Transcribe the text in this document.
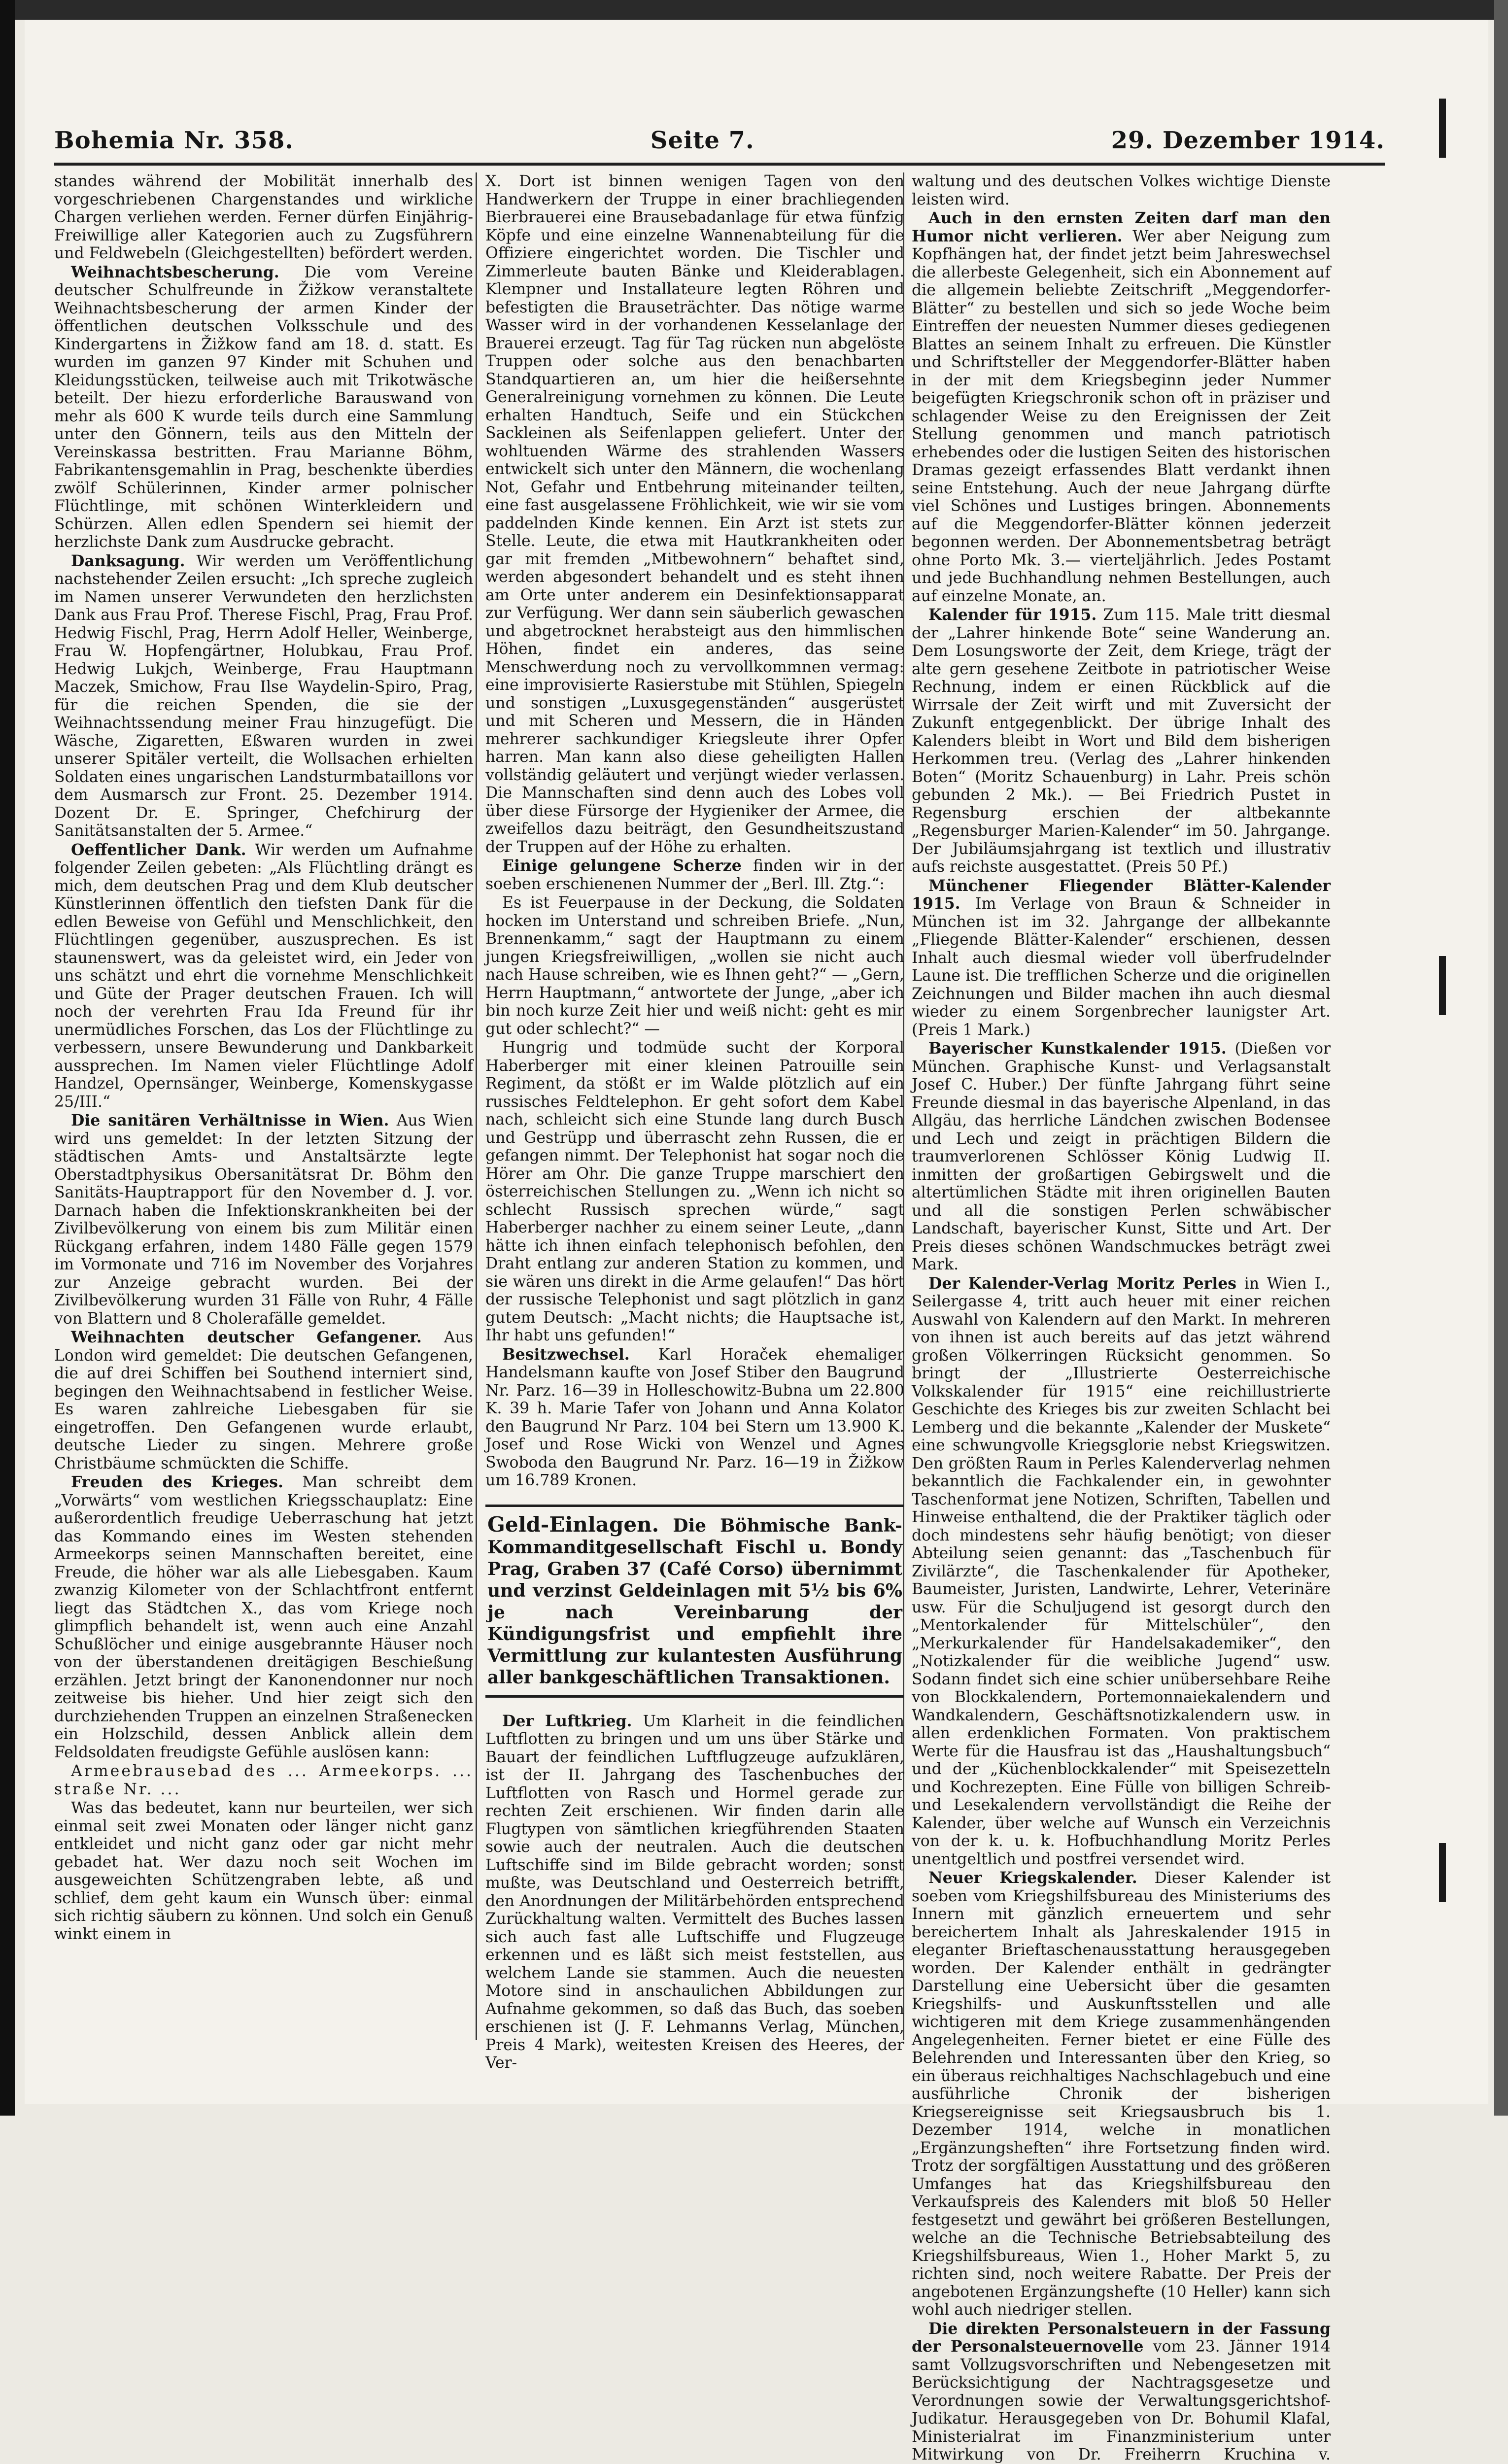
Bohemia Nr. 358.	Seite 7.	29. Dezember 1914.

standes während der Mobilität innerhalb des vorgeschriebenen Chargenstandes und wirkliche Chargen verliehen werden. Ferner dürfen Einjährig-Freiwillige aller Kategorien auch zu Zugsführern und Feldwebeln (Gleichgestellten) befördert werden.

Weihnachtsbescherung. Die vom Vereine deutscher Schulfreunde in Žižkow veranstaltete Weihnachtsbescherung der armen Kinder der öffentlichen deutschen Volksschule und des Kindergartens in Žižkow fand am 18. d. statt. Es wurden im ganzen 97 Kinder mit Schuhen und Kleidungsstücken, teilweise auch mit Trikotwäsche beteilt. Der hiezu erforderliche Barauswand von mehr als 600 K wurde teils durch eine Sammlung unter den Gönnern, teils aus den Mitteln der Vereinskassa bestritten. Frau Marianne Böhm, Fabrikantensgemahlin in Prag, beschenkte überdies zwölf Schülerinnen, Kinder armer polnischer Flüchtlinge, mit schönen Winterkleidern und Schürzen. Allen edlen Spendern sei hiemit der herzlichste Dank zum Ausdrucke gebracht.

Danksagung. Wir werden um Veröffentlichung nachstehender Zeilen ersucht: „Ich spreche zugleich im Namen unserer Verwundeten den herzlichsten Dank aus Frau Prof. Therese Fischl, Prag, Frau Prof. Hedwig Fischl, Prag, Herrn Adolf Heller, Weinberge, Frau W. Hopfengärtner, Holubkau, Frau Prof. Hedwig Lukjch, Weinberge, Frau Hauptmann Maczek, Smichow, Frau Ilse Waydelin-Spiro, Prag, für die reichen Spenden, die sie der Weihnachtssendung meiner Frau hinzugefügt. Die Wäsche, Zigaretten, Eßwaren wurden in zwei unserer Spitäler verteilt, die Wollsachen erhielten Soldaten eines ungarischen Landsturmbataillons vor dem Ausmarsch zur Front. 25. Dezember 1914. Dozent Dr. E. Springer, Chefchirurg der Sanitätsanstalten der 5. Armee.“

Oeffentlicher Dank. Wir werden um Aufnahme folgender Zeilen gebeten: „Als Flüchtling drängt es mich, dem deutschen Prag und dem Klub deutscher Künstlerinnen öffentlich den tiefsten Dank für die edlen Beweise von Gefühl und Menschlichkeit, den Flüchtlingen gegenüber, auszusprechen. Es ist staunenswert, was da geleistet wird, ein Jeder von uns schätzt und ehrt die vornehme Menschlichkeit und Güte der Prager deutschen Frauen. Ich will noch der verehrten Frau Ida Freund für ihr unermüdliches Forschen, das Los der Flüchtlinge zu verbessern, unsere Bewunderung und Dankbarkeit aussprechen. Im Namen vieler Flüchtlinge Adolf Handzel, Opernsänger, Weinberge, Komenskygasse 25/III.“

Die sanitären Verhältnisse in Wien. Aus Wien wird uns gemeldet: In der letzten Sitzung der städtischen Amts- und Anstaltsärzte legte Oberstadtphysikus Obersanitätsrat Dr. Böhm den Sanitäts-Hauptrapport für den November d. J. vor. Darnach haben die Infektionskrankheiten bei der Zivilbevölkerung von einem bis zum Militär einen Rückgang erfahren, indem 1480 Fälle gegen 1579 im Vormonate und 716 im November des Vorjahres zur Anzeige gebracht wurden. Bei der Zivilbevölkerung wurden 31 Fälle von Ruhr, 4 Fälle von Blattern und 8 Cholerafälle gemeldet.

Weihnachten deutscher Gefangener. Aus London wird gemeldet: Die deutschen Gefangenen, die auf drei Schiffen bei Southend interniert sind, begingen den Weihnachtsabend in festlicher Weise. Es waren zahlreiche Liebesgaben für sie eingetroffen. Den Gefangenen wurde erlaubt, deutsche Lieder zu singen. Mehrere große Christbäume schmückten die Schiffe.

Freuden des Krieges. Man schreibt dem „Vorwärts“ vom westlichen Kriegsschauplatz: Eine außerordentlich freudige Ueberraschung hat jetzt das Kommando eines im Westen stehenden Armeekorps seinen Mannschaften bereitet, eine Freude, die höher war als alle Liebesgaben. Kaum zwanzig Kilometer von der Schlachtfront entfernt liegt das Städtchen X., das vom Kriege noch glimpflich behandelt ist, wenn auch eine Anzahl Schußlöcher und einige ausgebrannte Häuser noch von der überstandenen dreitägigen Beschießung erzählen. Jetzt bringt der Kanonendonner nur noch zeitweise bis hieher. Und hier zeigt sich den durchziehenden Truppen an einzelnen Straßenecken ein Holzschild, dessen Anblick allein dem Feldsoldaten freudigste Gefühle auslösen kann:

Armeebrausebad des ... Armeekorps. ... straße Nr. ...

Was das bedeutet, kann nur beurteilen, wer sich einmal seit zwei Monaten oder länger nicht ganz entkleidet und nicht ganz oder gar nicht mehr gebadet hat. Wer dazu noch seit Wochen im ausgeweichten Schützengraben lebte, aß und schlief, dem geht kaum ein Wunsch über: einmal sich richtig säubern zu können. Und solch ein Genuß winkt einem in

X. Dort ist binnen wenigen Tagen von den Handwerkern der Truppe in einer brachliegenden Bierbrauerei eine Brausebadanlage für etwa fünfzig Köpfe und eine einzelne Wannenabteilung für die Offiziere eingerichtet worden. Die Tischler und Zimmerleute bauten Bänke und Kleiderablagen. Klempner und Installateure legten Röhren und befestigten die Brauseträchter. Das nötige warme Wasser wird in der vorhandenen Kesselanlage der Brauerei erzeugt. Tag für Tag rücken nun abgelöste Truppen oder solche aus den benachbarten Standquartieren an, um hier die heißersehnte Generalreinigung vornehmen zu können. Die Leute erhalten Handtuch, Seife und ein Stückchen Sackleinen als Seifenlappen geliefert. Unter der wohltuenden Wärme des strahlenden Wassers entwickelt sich unter den Männern, die wochenlang Not, Gefahr und Entbehrung miteinander teilten, eine fast ausgelassene Fröhlichkeit, wie wir sie vom paddelnden Kinde kennen. Ein Arzt ist stets zur Stelle. Leute, die etwa mit Hautkrankheiten oder gar mit fremden „Mitbewohnern“ behaftet sind, werden abgesondert behandelt und es steht ihnen am Orte unter anderem ein Desinfektionsapparat zur Verfügung. Wer dann sein säuberlich gewaschen und abgetrocknet herabsteigt aus den himmlischen Höhen, findet ein anderes, das seine Menschwerdung noch zu vervollkommnen vermag: eine improvisierte Rasierstube mit Stühlen, Spiegeln und sonstigen „Luxusgegenständen“ ausgerüstet und mit Scheren und Messern, die in Händen mehrerer sachkundiger Kriegsleute ihrer Opfer harren. Man kann also diese geheiligten Hallen vollständig geläutert und verjüngt wieder verlassen. Die Mannschaften sind denn auch des Lobes voll über diese Fürsorge der Hygieniker der Armee, die zweifellos dazu beiträgt, den Gesundheitszustand der Truppen auf der Höhe zu erhalten.

Einige gelungene Scherze finden wir in der soeben erschienenen Nummer der „Berl. Ill. Ztg.“:

Es ist Feuerpause in der Deckung, die Soldaten hocken im Unterstand und schreiben Briefe. „Nun, Brennenkamm,“ sagt der Hauptmann zu einem jungen Kriegsfreiwilligen, „wollen sie nicht auch nach Hause schreiben, wie es Ihnen geht?“ — „Gern, Herrn Hauptmann,“ antwortete der Junge, „aber ich bin noch kurze Zeit hier und weiß nicht: geht es mir gut oder schlecht?“ —

Hungrig und todmüde sucht der Korporal Haberberger mit einer kleinen Patrouille sein Regiment, da stößt er im Walde plötzlich auf ein russisches Feldtelephon. Er geht sofort dem Kabel nach, schleicht sich eine Stunde lang durch Busch und Gestrüpp und überrascht zehn Russen, die er gefangen nimmt. Der Telephonist hat sogar noch die Hörer am Ohr. Die ganze Truppe marschiert den österreichischen Stellungen zu. „Wenn ich nicht so schlecht Russisch sprechen würde,“ sagt Haberberger nachher zu einem seiner Leute, „dann hätte ich ihnen einfach telephonisch befohlen, den Draht entlang zur anderen Station zu kommen, und sie wären uns direkt in die Arme gelaufen!“ Das hört der russische Telephonist und sagt plötzlich in ganz gutem Deutsch: „Macht nichts; die Hauptsache ist, Ihr habt uns gefunden!“

Besitzwechsel. Karl Horaček ehemaliger Handelsmann kaufte von Josef Stiber den Baugrund Nr. Parz. 16—39 in Holleschowitz-Bubna um 22.800 K. 39 h. Marie Tafer von Johann und Anna Kolator den Baugrund Nr Parz. 104 bei Stern um 13.900 K. Josef und Rose Wicki von Wenzel und Agnes Swoboda den Baugrund Nr. Parz. 16—19 in Žižkow um 16.789 Kronen.

Geld-Einlagen. Die Böhmische Bank-Kommanditgesellschaft Fischl u. Bondy Prag, Graben 37 (Café Corso) übernimmt und verzinst Geldeinlagen mit 5½ bis 6% je nach Vereinbarung der Kündigungsfrist und empfiehlt ihre Vermittlung zur kulantesten Ausführung aller bankgeschäftlichen Transaktionen.

Der Luftkrieg. Um Klarheit in die feindlichen Luftflotten zu bringen und um uns über Stärke und Bauart der feindlichen Luftflugzeuge aufzuklären, ist der II. Jahrgang des Taschenbuches der Luftflotten von Rasch und Hormel gerade zur rechten Zeit erschienen. Wir finden darin alle Flugtypen von sämtlichen kriegführenden Staaten sowie auch der neutralen. Auch die deutschen Luftschiffe sind im Bilde gebracht worden; sonst mußte, was Deutschland und Oesterreich betrifft, den Anordnungen der Militärbehörden entsprechend Zurückhaltung walten. Vermittelt des Buches lassen sich auch fast alle Luftschiffe und Flugzeuge erkennen und es läßt sich meist feststellen, aus welchem Lande sie stammen. Auch die neuesten Motore sind in anschaulichen Abbildungen zur Aufnahme gekommen, so daß das Buch, das soeben erschienen ist (J. F. Lehmanns Verlag, München, Preis 4 Mark), weitesten Kreisen des Heeres, der Ver-

waltung und des deutschen Volkes wichtige Dienste leisten wird.

Auch in den ernsten Zeiten darf man den Humor nicht verlieren. Wer aber Neigung zum Kopfhängen hat, der findet jetzt beim Jahreswechsel die allerbeste Gelegenheit, sich ein Abonnement auf die allgemein beliebte Zeitschrift „Meggendorfer-Blätter“ zu bestellen und sich so jede Woche beim Eintreffen der neuesten Nummer dieses gediegenen Blattes an seinem Inhalt zu erfreuen. Die Künstler und Schriftsteller der Meggendorfer-Blätter haben in der mit dem Kriegsbeginn jeder Nummer beigefügten Kriegschronik schon oft in präziser und schlagender Weise zu den Ereignissen der Zeit Stellung genommen und manch patriotisch erhebendes oder die lustigen Seiten des historischen Dramas gezeigt erfassendes Blatt verdankt ihnen seine Entstehung. Auch der neue Jahrgang dürfte viel Schönes und Lustiges bringen. Abonnements auf die Meggendorfer-Blätter können jederzeit begonnen werden. Der Abonnementsbetrag beträgt ohne Porto Mk. 3.— vierteljährlich. Jedes Postamt und jede Buchhandlung nehmen Bestellungen, auch auf einzelne Monate, an.

Kalender für 1915. Zum 115. Male tritt diesmal der „Lahrer hinkende Bote“ seine Wanderung an. Dem Losungsworte der Zeit, dem Kriege, trägt der alte gern gesehene Zeitbote in patriotischer Weise Rechnung, indem er einen Rückblick auf die Wirrsale der Zeit wirft und mit Zuversicht der Zukunft entgegenblickt. Der übrige Inhalt des Kalenders bleibt in Wort und Bild dem bisherigen Herkommen treu. (Verlag des „Lahrer hinkenden Boten“ (Moritz Schauenburg) in Lahr. Preis schön gebunden 2 Mk.). — Bei Friedrich Pustet in Regensburg erschien der altbekannte „Regensburger Marien-Kalender“ im 50. Jahrgange. Der Jubiläumsjahrgang ist textlich und illustrativ aufs reichste ausgestattet. (Preis 50 Pf.)

Münchener Fliegender Blätter-Kalender 1915. Im Verlage von Braun & Schneider in München ist im 32. Jahrgange der allbekannte „Fliegende Blätter-Kalender“ erschienen, dessen Inhalt auch diesmal wieder voll überfrudelnder Laune ist. Die trefflichen Scherze und die originellen Zeichnungen und Bilder machen ihn auch diesmal wieder zu einem Sorgenbrecher launigster Art. (Preis 1 Mark.)

Bayerischer Kunstkalender 1915. (Dießen vor München. Graphische Kunst- und Verlagsanstalt Josef C. Huber.) Der fünfte Jahrgang führt seine Freunde diesmal in das bayerische Alpenland, in das Allgäu, das herrliche Ländchen zwischen Bodensee und Lech und zeigt in prächtigen Bildern die traumverlorenen Schlösser König Ludwig II. inmitten der großartigen Gebirgswelt und die altertümlichen Städte mit ihren originellen Bauten und all die sonstigen Perlen schwäbischer Landschaft, bayerischer Kunst, Sitte und Art. Der Preis dieses schönen Wandschmuckes beträgt zwei Mark.

Der Kalender-Verlag Moritz Perles in Wien I., Seilergasse 4, tritt auch heuer mit einer reichen Auswahl von Kalendern auf den Markt. In mehreren von ihnen ist auch bereits auf das jetzt während großen Völkerringen Rücksicht genommen. So bringt der „Illustrierte Oesterreichische Volkskalender für 1915“ eine reichillustrierte Geschichte des Krieges bis zur zweiten Schlacht bei Lemberg und die bekannte „Kalender der Muskete“ eine schwungvolle Kriegsglorie nebst Kriegswitzen. Den größten Raum in Perles Kalenderverlag nehmen bekanntlich die Fachkalender ein, in gewohnter Taschenformat jene Notizen, Schriften, Tabellen und Hinweise enthaltend, die der Praktiker täglich oder doch mindestens sehr häufig benötigt; von dieser Abteilung seien genannt: das „Taschenbuch für Zivilärzte“, die Taschenkalender für Apotheker, Baumeister, Juristen, Landwirte, Lehrer, Veterinäre usw. Für die Schuljugend ist gesorgt durch den „Mentorkalender für Mittelschüler“, den „Merkurkalender für Handelsakademiker“, den „Notizkalender für die weibliche Jugend“ usw. Sodann findet sich eine schier unübersehbare Reihe von Blockkalendern, Portemonnaiekalendern und Wandkalendern, Geschäftsnotizkalendern usw. in allen erdenklichen Formaten. Von praktischem Werte für die Hausfrau ist das „Haushaltungsbuch“ und der „Küchenblockkalender“ mit Speisezetteln und Kochrezepten. Eine Fülle von billigen Schreib- und Lesekalendern vervollständigt die Reihe der Kalender, über welche auf Wunsch ein Verzeichnis von der k. u. k. Hofbuchhandlung Moritz Perles unentgeltlich und postfrei versendet wird.

Neuer Kriegskalender. Dieser Kalender ist soeben vom Kriegshilfsbureau des Ministeriums des Innern mit gänzlich erneuertem und sehr bereichertem Inhalt als Jahreskalender 1915 in eleganter Brieftaschenausstattung herausgegeben worden. Der Kalender enthält in gedrängter Darstellung eine Uebersicht über die gesamten Kriegshilfs- und Auskunftsstellen und alle wichtigeren mit dem Kriege zusammenhängenden Angelegenheiten. Ferner bietet er eine Fülle des Belehrenden und Interessanten über den Krieg, so ein überaus reichhaltiges Nachschlagebuch und eine ausführliche Chronik der bisherigen Kriegsereignisse seit Kriegsausbruch bis 1. Dezember 1914, welche in monatlichen „Ergänzungsheften“ ihre Fortsetzung finden wird. Trotz der sorgfältigen Ausstattung und des größeren Umfanges hat das Kriegshilfsbureau den Verkaufspreis des Kalenders mit bloß 50 Heller festgesetzt und gewährt bei größeren Bestellungen, welche an die Technische Betriebsabteilung des Kriegshilfsbureaus, Wien 1., Hoher Markt 5, zu richten sind, noch weitere Rabatte. Der Preis der angebotenen Ergänzungshefte (10 Heller) kann sich wohl auch niedriger stellen.

Die direkten Personalsteuern in der Fassung der Personalsteuernovelle vom 23. Jänner 1914 samt Vollzugsvorschriften und Nebengesetzen mit Berücksichtigung der Nachtragsgesetze und Verordnungen sowie der Verwaltungsgerichtshof-Judikatur. Herausgegeben von Dr. Bohumil Klafal, Ministerialrat im Finanzministerium unter Mitwirkung von Dr. Freiherrn Kruchina v.
